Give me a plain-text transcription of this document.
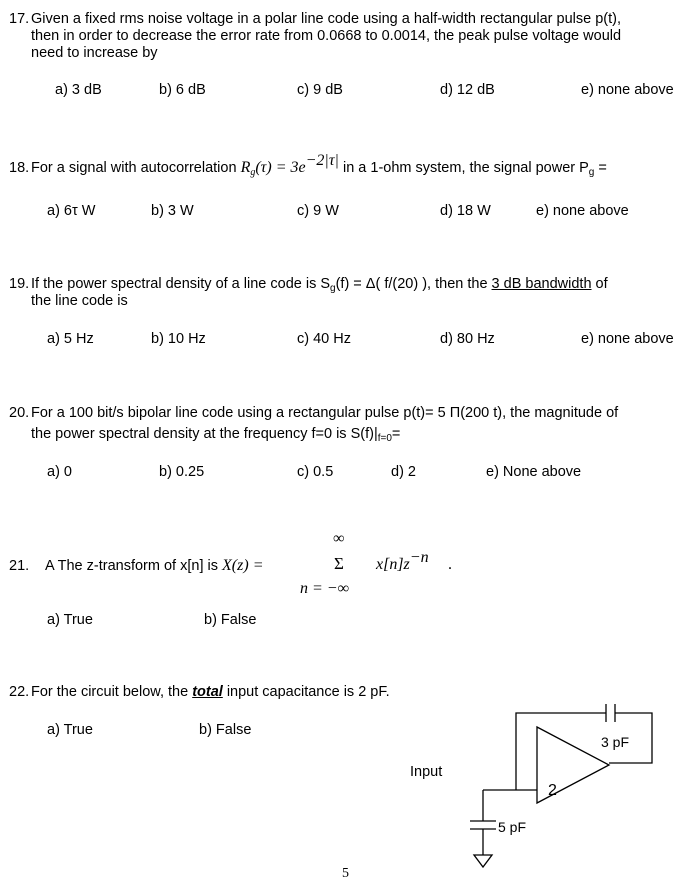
17. Given a fixed rms noise voltage in a polar line code using a half-width rectangular pulse p(t),
then in order to decrease the error rate from 0.0668 to 0.0014, the peak pulse voltage would
need to increase by
a) 3 dB	b) 6 dB	c) 9 dB	d) 12 dB	e) none above
18. For a signal with autocorrelation $R_g(\tau) = 3e^{-2|\tau|}$ in a 1-ohm system, the signal power $P_g$ =
a) 6τ W	b) 3 W	c) 9 W	d) 18 W	e) none above
19. If the power spectral density of a line code is $S_g(f) = \Delta$( f/(20) ), then the 3 dB bandwidth of
the line code is
a) 5 Hz	b) 10 Hz	c) 40 Hz	d) 80 Hz	e) none above
20. For a 100 bit/s bipolar line code using a rectangular pulse p(t)= 5 Π(200 t), the magnitude of
the power spectral density at the frequency f=0 is $S(f)|_{f=0}=$
a) 0	b) 0.25	c) 0.5	d) 2	e) None above
21. A The z-transform of x[n] is X(z) =
∞
Σ $x[n]z^{-n}$ .
n = −∞
a) True	b) False
22. For the circuit below, the total input capacitance is 2 pF.
a) True	b) False
Input
3 pF
5 pF
2
5
